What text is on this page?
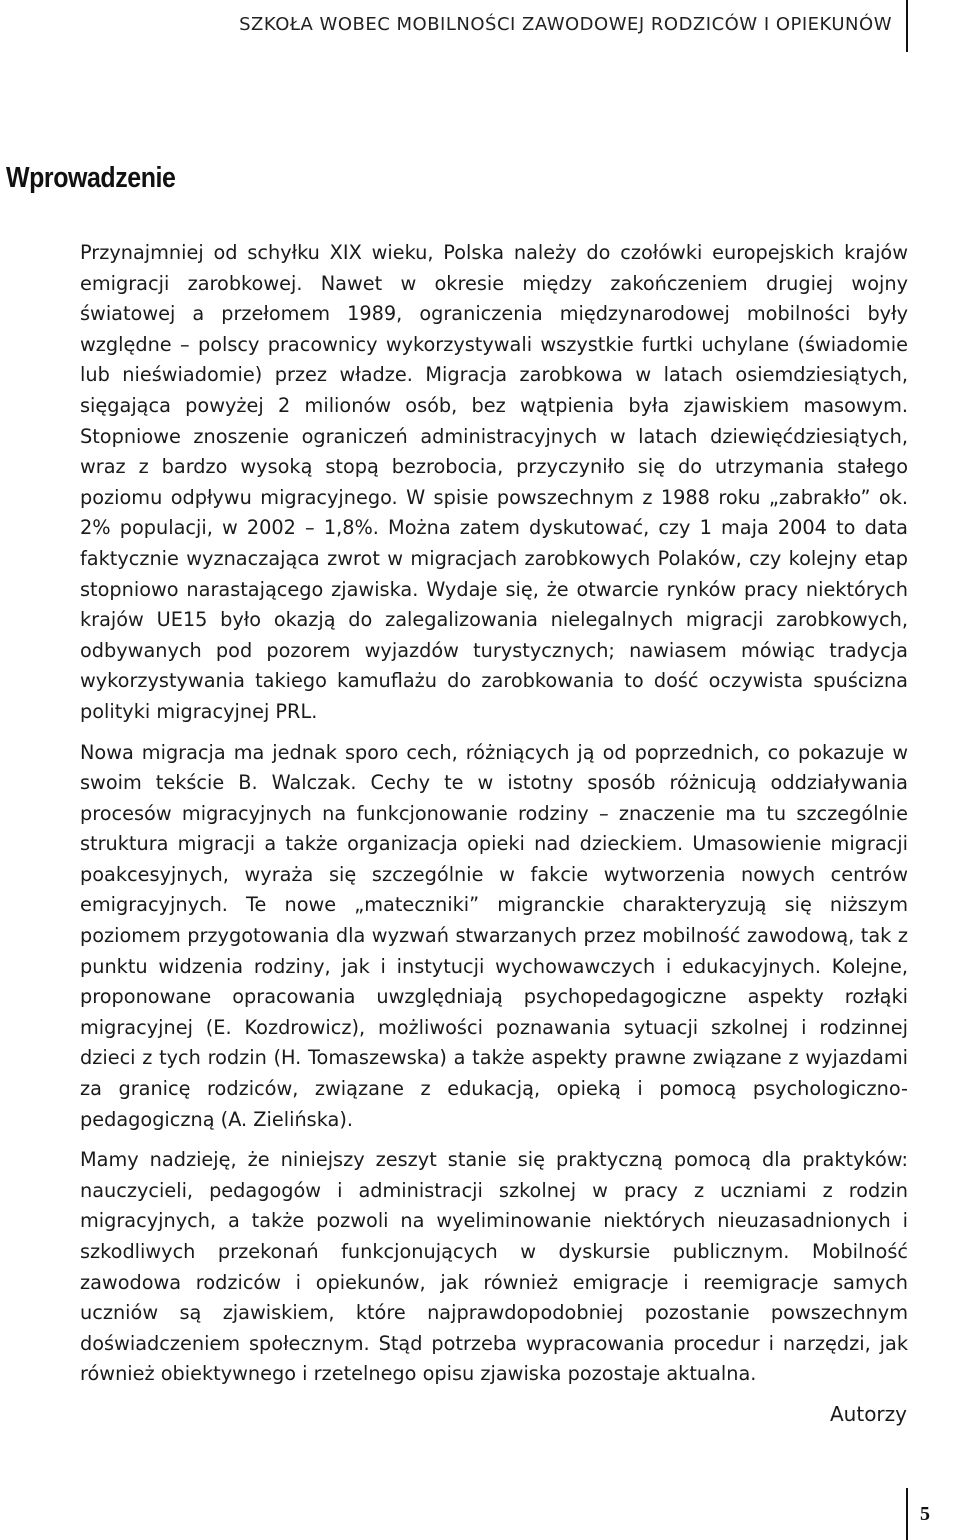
SZKOŁA WOBEC MOBILNOŚCI ZAWODOWEJ RODZICÓW I OPIEKUNÓW
Wprowadzenie

Przynajmniej od schyłku XIX wieku, Polska należy do czołówki europejskich krajów emigracji zarobkowej. Nawet w okresie między zakończeniem drugiej wojny światowej a przełomem 1989, ograniczenia międzynarodowej mobilności były względne – polscy pracownicy wykorzystywali wszystkie furtki uchylane (świadomie lub nieświadomie) przez władze. Migracja zarobkowa w latach osiemdziesiątych, sięgająca powyżej 2 milionów osób, bez wątpienia była zjawiskiem masowym. Stopniowe znoszenie ograniczeń administracyjnych w latach dziewięćdziesiątych, wraz z bardzo wysoką stopą bezrobocia, przyczyniło się do utrzymania stałego poziomu odpływu migracyjnego. W spisie powszechnym z 1988 roku „zabrakło” ok. 2% populacji, w 2002 – 1,8%. Można zatem dyskutować, czy 1 maja 2004 to data faktycznie wyznaczająca zwrot w migracjach zarobkowych Polaków, czy kolejny etap stopniowo narastającego zjawiska. Wydaje się, że otwarcie rynków pracy niektórych krajów UE15 było okazją do zalegalizowania nielegalnych migracji zarobkowych, odbywanych pod pozorem wyjazdów turystycznych; nawiasem mówiąc tradycja wykorzystywania takiego kamuflażu do zarobkowania to dość oczywista spuścizna polityki migracyjnej PRL.

Nowa migracja ma jednak sporo cech, różniących ją od poprzednich, co pokazuje w swoim tekście B. Walczak. Cechy te w istotny sposób różnicują oddziaływania procesów migracyjnych na funkcjonowanie rodziny – znaczenie ma tu szczególnie struktura migracji a także organizacja opieki nad dzieckiem. Umasowienie migracji poakcesyjnych, wyraża się szczególnie w fakcie wytworzenia nowych centrów emigracyjnych. Te nowe „mateczniki” migranckie charakteryzują się niższym poziomem przygotowania dla wyzwań stwarzanych przez mobilność zawodową, tak z punktu widzenia rodziny, jak i instytucji wychowawczych i edukacyjnych. Kolejne, proponowane opracowania uwzględniają psychopedagogiczne aspekty rozłąki migracyjnej (E. Kozdrowicz), możliwości poznawania sytuacji szkolnej i rodzinnej dzieci z tych rodzin (H. Tomaszewska) a także aspekty prawne związane z wyjazdami za granicę rodziców, związane z edukacją, opieką i pomocą psychologiczno-pedagogiczną (A. Zielińska).

Mamy nadzieję, że niniejszy zeszyt stanie się praktyczną pomocą dla praktyków: nauczycieli, pedagogów i administracji szkolnej w pracy z uczniami z rodzin migracyjnych, a także pozwoli na wyeliminowanie niektórych nieuzasadnionych i szkodliwych przekonań funkcjonujących w dyskursie publicznym. Mobilność zawodowa rodziców i opiekunów, jak również emigracje i reemigracje samych uczniów są zjawiskiem, które najprawdopodobniej pozostanie powszechnym doświadczeniem społecznym. Stąd potrzeba wypracowania procedur i narzędzi, jak również obiektywnego i rzetelnego opisu zjawiska pozostaje aktualna.

Autorzy
5
